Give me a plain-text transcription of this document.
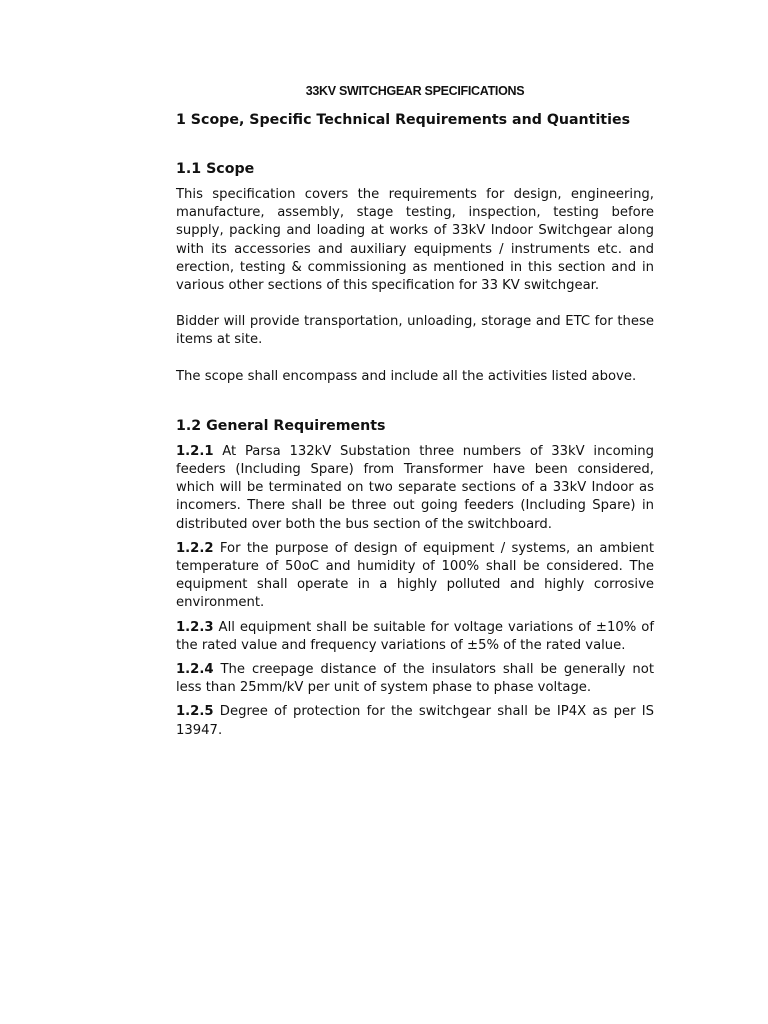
33KV SWITCHGEAR SPECIFICATIONS
1 Scope, Specific Technical Requirements and Quantities
1.1 Scope

This specification covers the requirements for design, engineering, manufacture, assembly, stage testing, inspection, testing before supply, packing and loading at works of 33kV Indoor Switchgear along with its accessories and auxiliary equipments / instruments etc. and erection, testing & commissioning as mentioned in this section and in various other sections of this specification for 33 KV switchgear.

Bidder will provide transportation, unloading, storage and ETC for these items at site.

The scope shall encompass and include all the activities listed above.

1.2 General Requirements

1.2.1 At Parsa 132kV Substation three numbers of 33kV incoming feeders (Including Spare) from Transformer have been considered, which will be terminated on two separate sections of a 33kV Indoor as incomers. There shall be three out going feeders (Including Spare) in distributed over both the bus section of the switchboard.

1.2.2 For the purpose of design of equipment / systems, an ambient temperature of 50oC and humidity of 100% shall be considered. The equipment shall operate in a highly polluted and highly corrosive environment.

1.2.3 All equipment shall be suitable for voltage variations of ±10% of the rated value and frequency variations of ±5% of the rated value.

1.2.4 The creepage distance of the insulators shall be generally not less than 25mm/kV per unit of system phase to phase voltage.

1.2.5 Degree of protection for the switchgear shall be IP4X as per IS 13947.
